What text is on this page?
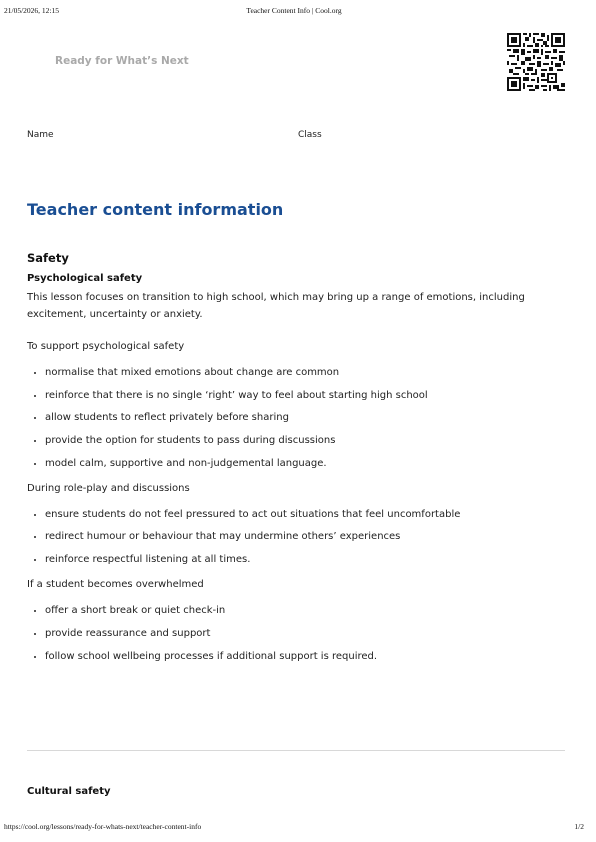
21/05/2026, 12:15	Teacher Content Info | Cool.org
Ready for What’s Next
Name	Class
Teacher content information
Safety
Psychological safety

This lesson focuses on transition to high school, which may bring up a range of emotions, including excitement, uncertainty or anxiety.

To support psychological safety

• normalise that mixed emotions about change are common
• reinforce that there is no single ‘right’ way to feel about starting high school
• allow students to reflect privately before sharing
• provide the option for students to pass during discussions
• model calm, supportive and non-judgemental language.

During role-play and discussions

• ensure students do not feel pressured to act out situations that feel uncomfortable
• redirect humour or behaviour that may undermine others’ experiences
• reinforce respectful listening at all times.

If a student becomes overwhelmed

• offer a short break or quiet check-in
• provide reassurance and support
• follow school wellbeing processes if additional support is required.
Cultural safety
https://cool.org/lessons/ready-for-whats-next/teacher-content-info	1/2
